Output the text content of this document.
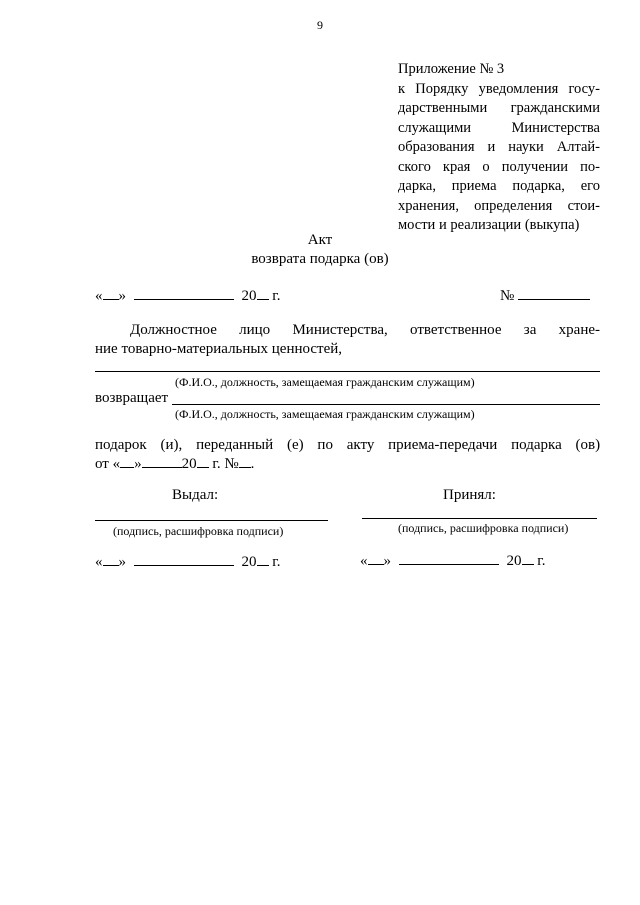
9
Приложение № 3
к Порядку уведомления госу-
дарственными гражданскими
служащими Министерства
образования и науки Алтай-
ского края о получении по-
дарка, приема подарка, его
хранения, определения стои-
мости и реализации (выкупа)
Акт
возврата подарка (ов)
« »	20 г.	№
Должностное лицо Министерства, ответственное за хране-
ние товарно-материальных ценностей,
(Ф.И.О., должность, замещаемая гражданским служащим)
возвращает
(Ф.И.О., должность, замещаемая гражданским служащим)
подарок (и), переданный (е) по акту приема-передачи подарка (ов)
от « »	20 г. № .
Выдал:	Принял:
(подпись, расшифровка подписи)	(подпись, расшифровка подписи)
« »	20 г.	« »	20 г.
